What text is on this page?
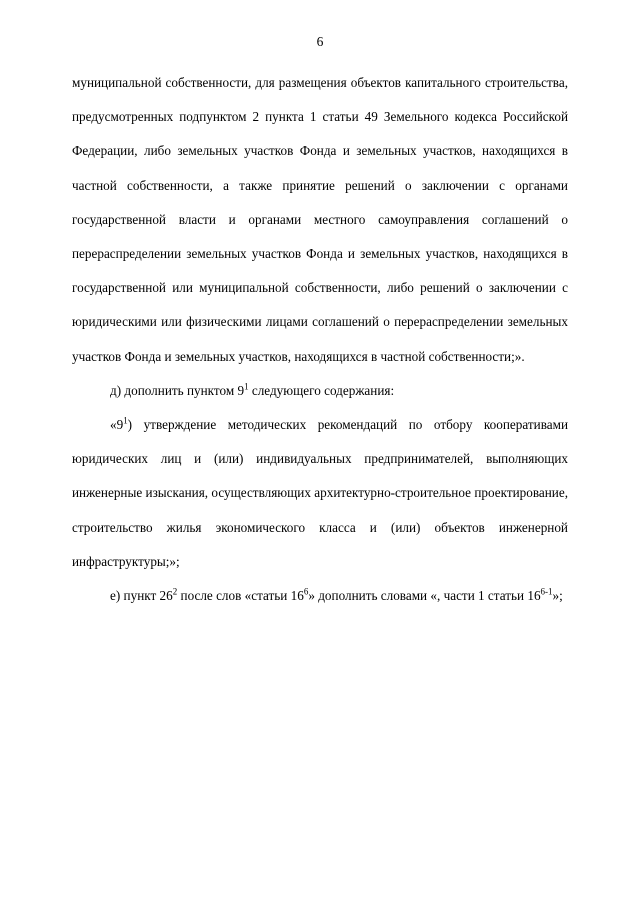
6

муниципальной собственности, для размещения объектов капитального строительства, предусмотренных подпунктом 2 пункта 1 статьи 49 Земельного кодекса Российской Федерации, либо земельных участков Фонда и земельных участков, находящихся в частной собственности, а также принятие решений о заключении с органами государственной власти и органами местного самоуправления соглашений о перераспределении земельных участков Фонда и земельных участков, находящихся в государственной или муниципальной собственности, либо решений о заключении с юридическими или физическими лицами соглашений о перераспределении земельных участков Фонда и земельных участков, находящихся в частной собственности;».

д) дополнить пунктом $9^1$ следующего содержания:

«$9^1$) утверждение методических рекомендаций по отбору кооперативами юридических лиц и (или) индивидуальных предпринимателей, выполняющих инженерные изыскания, осуществляющих архитектурно-строительное проектирование, строительство жилья экономического класса и (или) объектов инженерной инфраструктуры;»;

е) пункт $26^2$ после слов «статьи $16^6$» дополнить словами «, части 1 статьи 16$^{6-1}$»;
